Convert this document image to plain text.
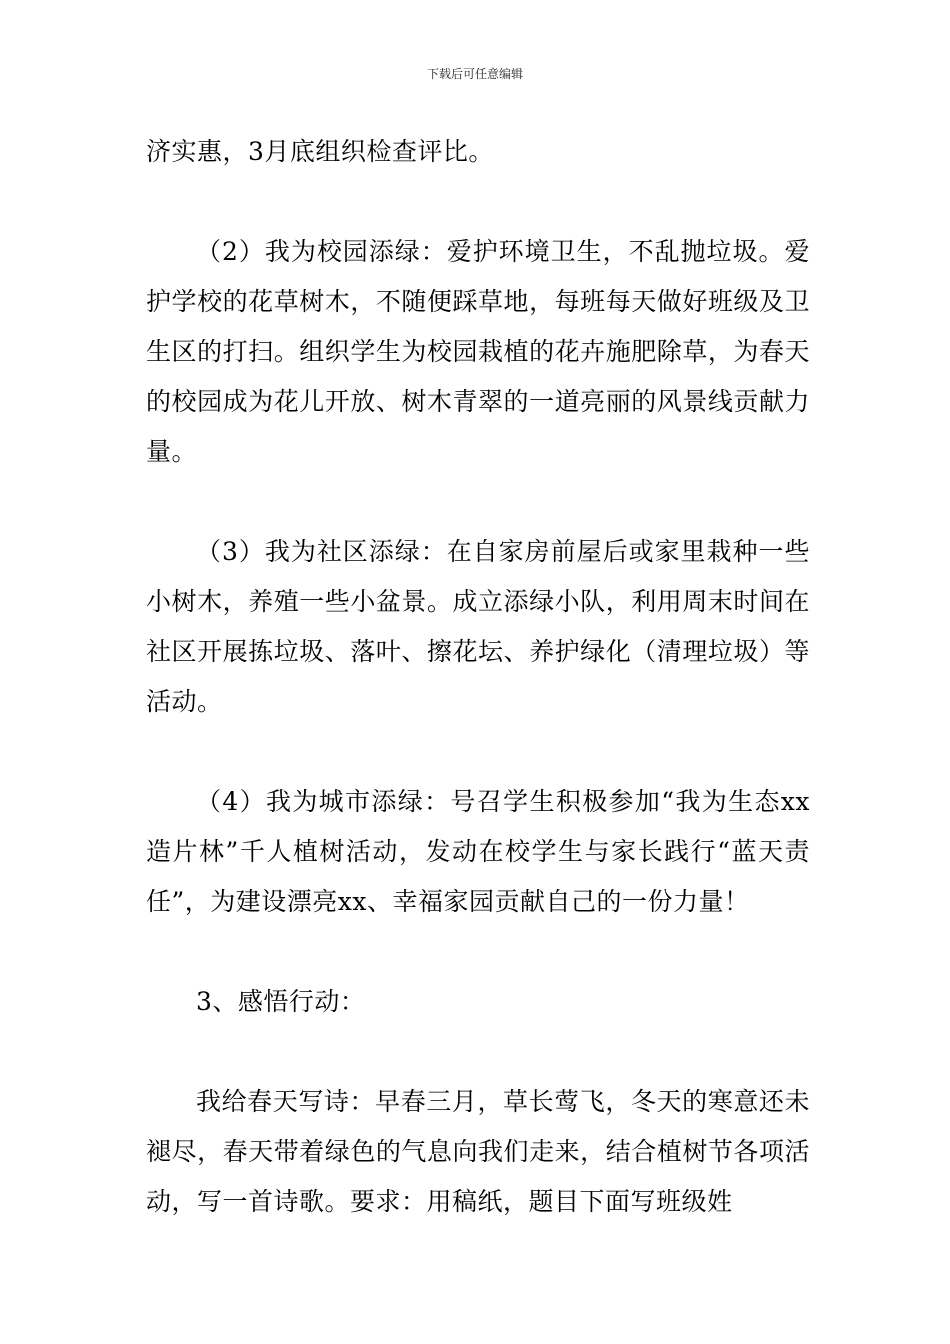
下载后可任意编辑

济实惠，3月底组织检查评比。

（2）我为校园添绿：爱护环境卫生，不乱抛垃圾。爱护学校的花草树木，不随便踩草地，每班每天做好班级及卫生区的打扫。组织学生为校园栽植的花卉施肥除草，为春天的校园成为花儿开放、树木青翠的一道亮丽的风景线贡献力量。

（3）我为社区添绿：在自家房前屋后或家里栽种一些小树木，养殖一些小盆景。成立添绿小队，利用周末时间在社区开展拣垃圾、落叶、擦花坛、养护绿化（清理垃圾）等活动。

（4）我为城市添绿：号召学生积极参加“我为生态xx造片林”千人植树活动，发动在校学生与家长践行“蓝天责任”，为建设漂亮xx、幸福家园贡献自己的一份力量！

3、感悟行动：

我给春天写诗：早春三月，草长莺飞，冬天的寒意还未褪尽，春天带着绿色的气息向我们走来，结合植树节各项活动，写一首诗歌。要求：用稿纸，题目下面写班级姓
